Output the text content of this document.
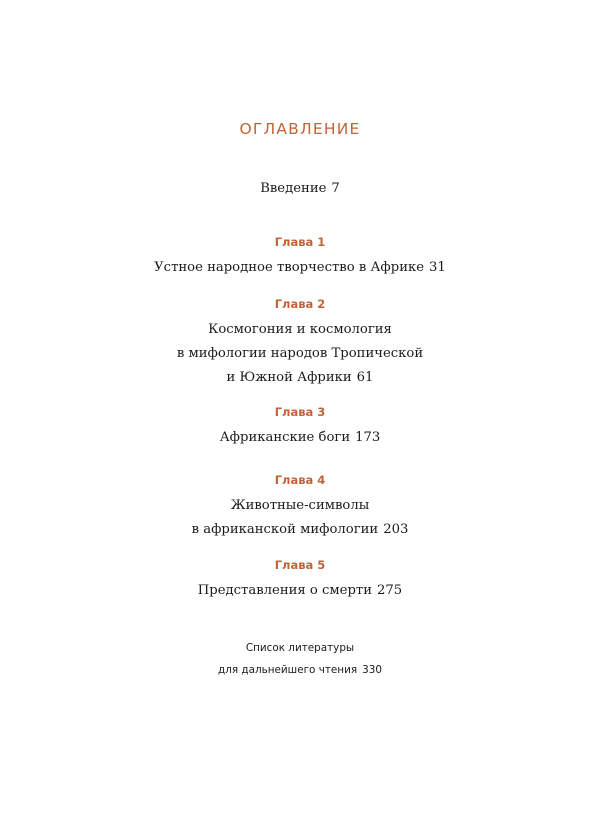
ОГЛАВЛЕНИЕ
Введение 7
Глава 1
Устное народное творчество в Африке 31
Глава 2
Космогония и космология
в мифологии народов Тропической
и Южной Африки 61
Глава 3
Африканские боги 173
Глава 4
Животные-символы
в африканской мифологии 203
Глава 5
Представления о смерти 275
Список литературы
для дальнейшего чтения 330
